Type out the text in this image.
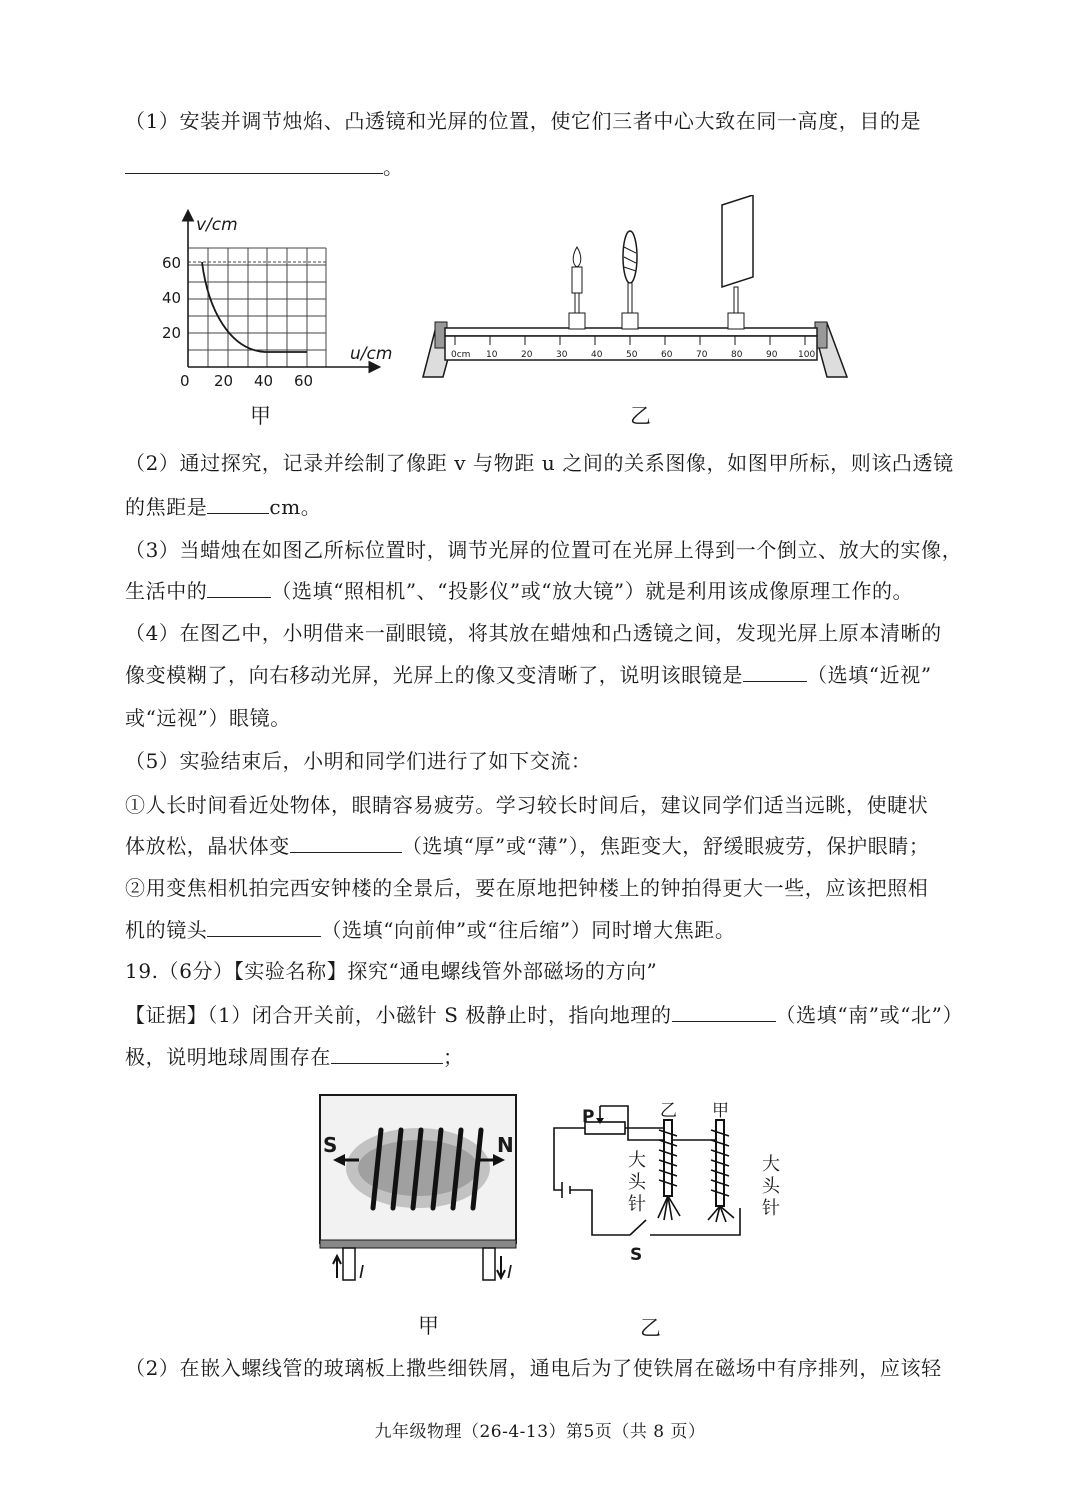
（1）安装并调节烛焰、凸透镜和光屏的位置，使它们三者中心大致在同一高度，目的是
。
v/cm
u/cm
60
40
20
0 20 40 60
甲
0cm 10	20	30	40	50	60	70	80	90 100
乙
（2）通过探究，记录并绘制了像距 v 与物距 u 之间的关系图像，如图甲所标，则该凸透镜
的焦距是	cm。
（3）当蜡烛在如图乙所标位置时，调节光屏的位置可在光屏上得到一个倒立、放大的实像，
生活中的	（选填“照相机”、“投影仪”或“放大镜”）就是利用该成像原理工作的。
（4）在图乙中，小明借来一副眼镜，将其放在蜡烛和凸透镜之间，发现光屏上原本清晰的
像变模糊了，向右移动光屏，光屏上的像又变清晰了，说明该眼镜是	（选填“近视”
或“远视”）眼镜。
（5）实验结束后，小明和同学们进行了如下交流：
①人长时间看近处物体，眼睛容易疲劳。学习较长时间后，建议同学们适当远眺，使睫状
体放松，晶状体变	（选填“厚”或“薄”），焦距变大，舒缓眼疲劳，保护眼睛；
②用变焦相机拍完西安钟楼的全景后，要在原地把钟楼上的钟拍得更大一些，应该把照相
机的镜头	（选填“向前伸”或“往后缩”）同时增大焦距。
19.（6分）【实验名称】探究“通电螺线管外部磁场的方向”
【证据】（1）闭合开关前，小磁针 S 极静止时，指向地理的	（选填“南”或“北”）
极，说明地球周围存在	；
S	N
I	I
甲
P	乙 甲
大
头
针
大
头
针
S
乙
（2）在嵌入螺线管的玻璃板上撒些细铁屑，通电后为了使铁屑在磁场中有序排列，应该轻
九年级物理（26-4-13）第5页（共 8 页）
